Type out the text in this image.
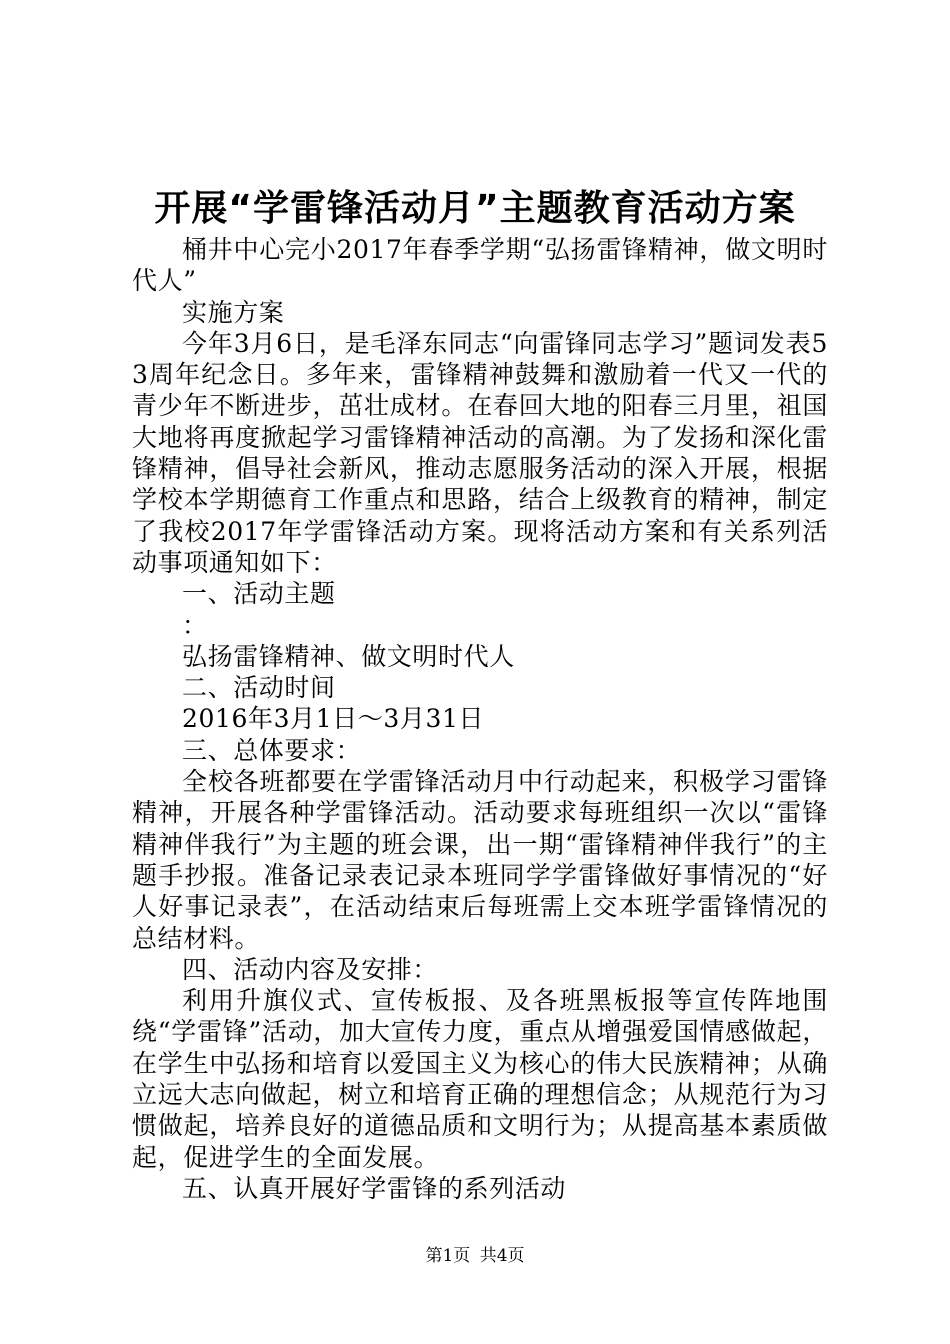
开展“学雷锋活动月”主题教育活动方案

桶井中心完小2017年春季学期“弘扬雷锋精神，做文明时代人”

实施方案

今年3月6日，是毛泽东同志“向雷锋同志学习”题词发表53周年纪念日。多年来，雷锋精神鼓舞和激励着一代又一代的青少年不断进步，茁壮成材。在春回大地的阳春三月里，祖国大地将再度掀起学习雷锋精神活动的高潮。为了发扬和深化雷锋精神，倡导社会新风，推动志愿服务活动的深入开展，根据学校本学期德育工作重点和思路，结合上级教育的精神，制定了我校2017年学雷锋活动方案。现将活动方案和有关系列活动事项通知如下：

一、活动主题

：

弘扬雷锋精神、做文明时代人

二、活动时间

2016年3月1日～3月31日

三、总体要求：

全校各班都要在学雷锋活动月中行动起来，积极学习雷锋精神，开展各种学雷锋活动。活动要求每班组织一次以“雷锋精神伴我行”为主题的班会课，出一期“雷锋精神伴我行”的主题手抄报。准备记录表记录本班同学学雷锋做好事情况的“好人好事记录表”，在活动结束后每班需上交本班学雷锋情况的总结材料。

四、活动内容及安排：

利用升旗仪式、宣传板报、及各班黑板报等宣传阵地围绕“学雷锋”活动，加大宣传力度，重点从增强爱国情感做起，在学生中弘扬和培育以爱国主义为核心的伟大民族精神；从确立远大志向做起，树立和培育正确的理想信念；从规范行为习惯做起，培养良好的道德品质和文明行为；从提高基本素质做起，促进学生的全面发展。

五、认真开展好学雷锋的系列活动

第1页 共4页
